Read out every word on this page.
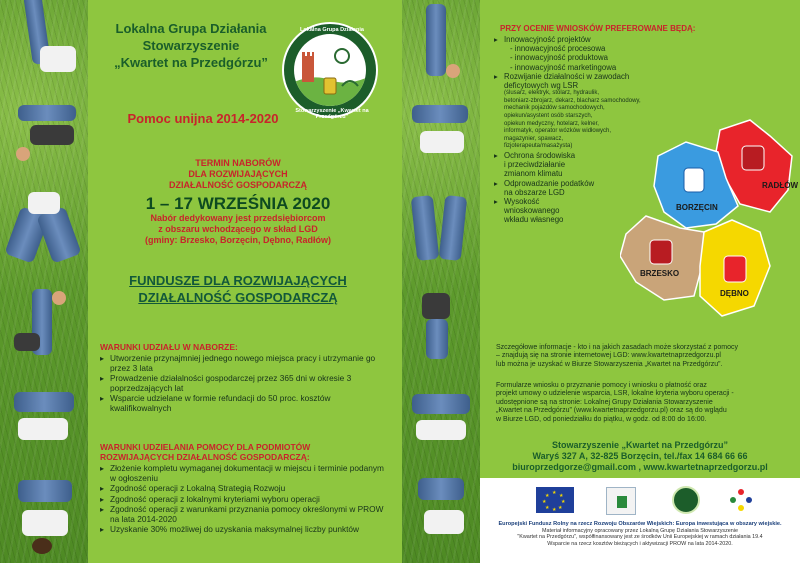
Lokalna Grupa Działania
Stowarzyszenie
„Kwartet na Przedgórzu”
Lokalna Grupa Działania
Stowarzyszenie „Kwartet na Przedgórzu”
Pomoc unijna 2014-2020
TERMIN NABORÓW
DLA ROZWIJAJĄCYCH
DZIAŁALNOŚĆ GOSPODARCZĄ
1 – 17 WRZEŚNIA 2020
Nabór dedykowany jest przedsiębiorcom
z obszaru wchodzącego w skład LGD
(gminy: Brzesko, Borzęcin, Dębno, Radłów)
FUNDUSZE DLA ROZWIJAJĄCYCH
DZIAŁALNOŚĆ GOSPODARCZĄ
WARUNKI UDZIAŁU W NABORZE:
▸ Utworzenie przynajmniej jednego nowego miejsca pracy i utrzymanie go przez 3 lata
▸ Prowadzenie działalności gospodarczej przez 365 dni w okresie 3 poprzedzających lat
▸ Wsparcie udzielane w formie refundacji do 50 proc. kosztów kwalifikowalnych
WARUNKI UDZIELANIA POMOCY DLA PODMIOTÓW
ROZWIJAJĄCYCH DZIAŁALNOŚĆ GOSPODARCZĄ:
▸ Złożenie kompletu wymaganej dokumentacji w miejscu i terminie podanym w ogłoszeniu
▸ Zgodność operacji z Lokalną Strategią Rozwoju
▸ Zgodność operacji z lokalnymi kryteriami wyboru operacji
▸ Zgodność operacji z warunkami przyznania pomocy określonymi w PROW na lata 2014-2020
▸ Uzyskanie 30% możliwej do uzyskania maksymalnej liczby punktów
PRZY OCENIE WNIOSKÓW PREFEROWANE BĘDĄ:
▸ Innowacyjność projektów
- innowacyjność procesowa
- innowacyjność produktowa
- innowacyjność marketingowa
▸ Rozwijanie działalności w zawodach
deficytowych wg LSR
(ślusarz, elektryk, stolarz, hydraulik,
betoniarz-zbrojarz, dekarz, blacharz samochodowy,
mechanik pojazdów samochodowych,
opiekun/asystent osób starszych,
opiekun medyczny, hotelarz, kelner,
informatyk, operator wózków widłowych,
magazynier, spawacz,
fizjoterapeuta/masażysta)
▸ Ochrona środowiska
i przeciwdziałanie
zmianom klimatu
▸ Odprowadzanie podatków
na obszarze LGD
▸ Wysokość
wnioskowanego
wkładu własnego
RADŁÓW
BORZĘCIN
BRZESKO
DĘBNO
Szczegółowe informacje - kto i na jakich zasadach może skorzystać z pomocy
– znajdują się na stronie internetowej LGD: www.kwartetnaprzedgorzu.pl
lub można je uzyskać w Biurze Stowarzyszenia „Kwartet na Przedgórzu”.
Formularze wniosku o przyznanie pomocy i wniosku o płatność oraz
projekt umowy o udzielenie wsparcia, LSR, lokalne kryteria wyboru operacji -
udostępnione są na stronie: Lokalnej Grupy Działania Stowarzyszenie
„Kwartet na Przedgórzu” (www.kwartetnaprzedgorzu.pl) oraz są do wglądu
w Biurze LGD, od poniedziałku do piątku, w godz. od 8:00 do 16:00.
Stowarzyszenie „Kwartet na Przedgórzu”
Waryś 327 A, 32-825 Borzęcin, tel./fax 14 684 66 66
biuroprzedgorze@gmail.com , www.kwartetnaprzedgorzu.pl
★ ★
★
★
★
★
★
★
Europejski Fundusz Rolny na rzecz Rozwoju Obszarów Wiejskich: Europa inwestująca w obszary wiejskie.
Materiał informacyjny opracowany przez Lokalną Grupę Działania Stowarzyszenie
"Kwartet na Przedgórzu", współfinansowany jest ze środków Unii Europejskiej w ramach działania 19.4
Wsparcie na rzecz kosztów bieżących i aktywizacji PROW na lata 2014-2020.
